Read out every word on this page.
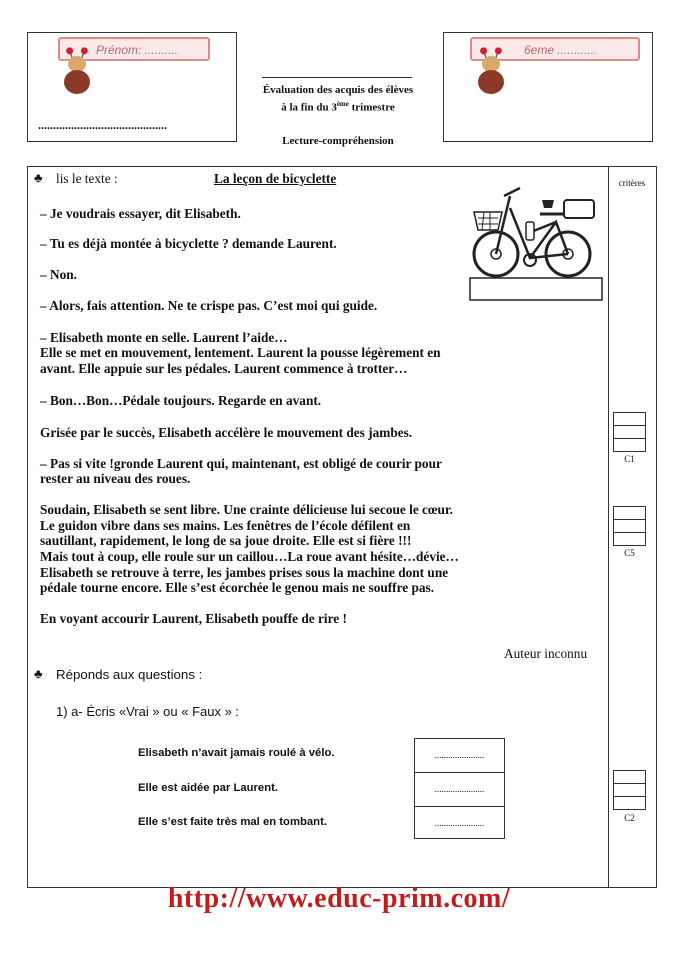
Prénom: ..........
...........................................
Évaluation des acquis des élèves
à la fin du 3ème trimestre
Lecture-compréhension
6eme ............
critères
♣ lis le texte :	La leçon de bicyclette
– Je voudrais essayer, dit Elisabeth.
– Tu es déjà montée à bicyclette ? demande Laurent.
– Non.
– Alors, fais attention. Ne te crispe pas. C’est moi qui guide.
– Elisabeth monte en selle. Laurent l’aide…
Elle se met en mouvement, lentement. Laurent la pousse légèrement en
avant. Elle appuie sur les pédales. Laurent commence à trotter…
– Bon…Bon…Pédale toujours. Regarde en avant.
Grisée par le succès, Elisabeth accélère le mouvement des jambes.
– Pas si vite !gronde Laurent qui, maintenant, est obligé de courir pour
rester au niveau des roues.
Soudain, Elisabeth se sent libre. Une crainte délicieuse lui secoue le cœur.
Le guidon vibre dans ses mains. Les fenêtres de l’école défilent en
sautillant, rapidement, le long de sa joue droite. Elle est si fière !!!
Mais tout à coup, elle roule sur un caillou…La roue avant hésite…dévie…
Elisabeth se retrouve à terre, les jambes prises sous la machine dont une
pédale tourne encore. Elle s’est écorchée le genou mais ne souffre pas.
En voyant accourir Laurent, Elisabeth pouffe de rire !
Auteur inconnu
♣ Réponds aux questions :
1) a- Écris «Vrai » ou « Faux » :
Elisabeth n’avait jamais roulé à vélo.
Elle est aidée par Laurent.
Elle s’est faite très mal en tombant.
......................
......................
......................
C1
C5
C2
http://www.educ-prim.com/
